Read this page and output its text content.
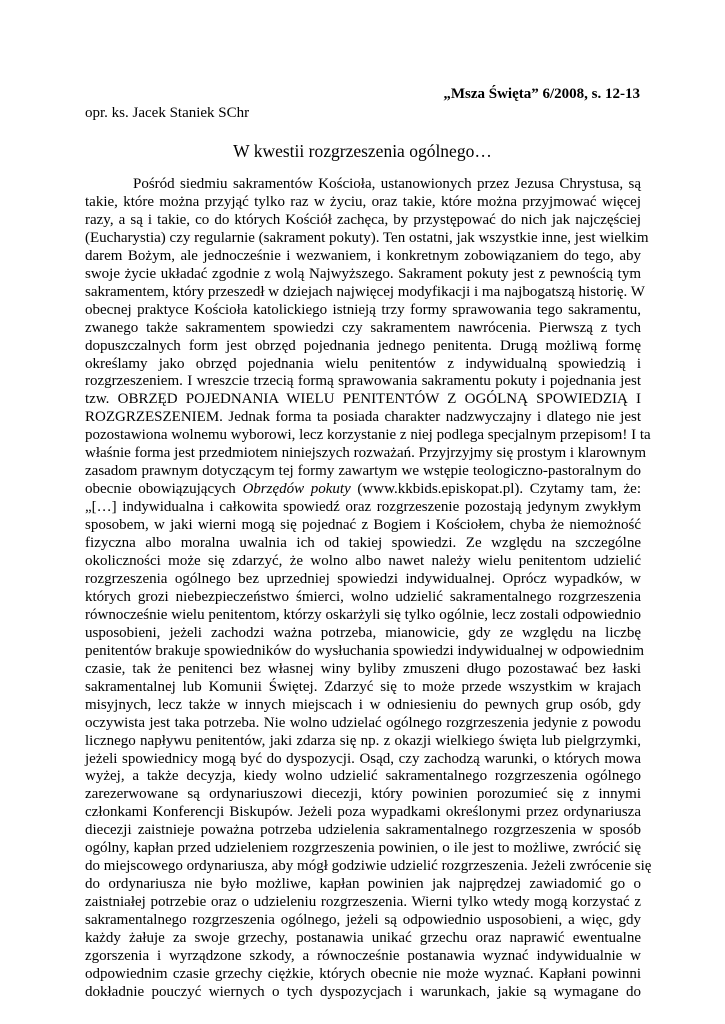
„Msza Święta” 6/2008, s. 12-13
opr. ks. Jacek Staniek SChr
W kwestii rozgrzeszenia ogólnego…
Pośród siedmiu sakramentów Kościoła, ustanowionych przez Jezusa Chrystusa, są
takie, które można przyjąć tylko raz w życiu, oraz takie, które można przyjmować więcej
razy, a są i takie, co do których Kościół zachęca, by przystępować do nich jak najczęściej
(Eucharystia) czy regularnie (sakrament pokuty). Ten ostatni, jak wszystkie inne, jest wielkim
darem Bożym, ale jednocześnie i wezwaniem, i konkretnym zobowiązaniem do tego, aby
swoje życie układać zgodnie z wolą Najwyższego. Sakrament pokuty jest z pewnością tym
sakramentem, który przeszedł w dziejach najwięcej modyfikacji i ma najbogatszą historię. W
obecnej praktyce Kościoła katolickiego istnieją trzy formy sprawowania tego sakramentu,
zwanego także sakramentem spowiedzi czy sakramentem nawrócenia. Pierwszą z tych
dopuszczalnych form jest obrzęd pojednania jednego penitenta. Drugą możliwą formę
określamy jako obrzęd pojednania wielu penitentów z indywidualną spowiedzią i
rozgrzeszeniem. I wreszcie trzecią formą sprawowania sakramentu pokuty i pojednania jest
tzw. OBRZĘD POJEDNANIA WIELU PENITENTÓW Z OGÓLNĄ SPOWIEDZIĄ I
ROZGRZESZENIEM. Jednak forma ta posiada charakter nadzwyczajny i dlatego nie jest
pozostawiona wolnemu wyborowi, lecz korzystanie z niej podlega specjalnym przepisom! I ta
właśnie forma jest przedmiotem niniejszych rozważań. Przyjrzyjmy się prostym i klarownym
zasadom prawnym dotyczącym tej formy zawartym we wstępie teologiczno-pastoralnym do
obecnie obowiązujących Obrzędów pokuty (www.kkbids.episkopat.pl). Czytamy tam, że:
„[…] indywidualna i całkowita spowiedź oraz rozgrzeszenie pozostają jedynym zwykłym
sposobem, w jaki wierni mogą się pojednać z Bogiem i Kościołem, chyba że niemożność
fizyczna albo moralna uwalnia ich od takiej spowiedzi. Ze względu na szczególne
okoliczności może się zdarzyć, że wolno albo nawet należy wielu penitentom udzielić
rozgrzeszenia ogólnego bez uprzedniej spowiedzi indywidualnej. Oprócz wypadków, w
których grozi niebezpieczeństwo śmierci, wolno udzielić sakramentalnego rozgrzeszenia
równocześnie wielu penitentom, którzy oskarżyli się tylko ogólnie, lecz zostali odpowiednio
usposobieni, jeżeli zachodzi ważna potrzeba, mianowicie, gdy ze względu na liczbę
penitentów brakuje spowiedników do wysłuchania spowiedzi indywidualnej w odpowiednim
czasie, tak że penitenci bez własnej winy byliby zmuszeni długo pozostawać bez łaski
sakramentalnej lub Komunii Świętej. Zdarzyć się to może przede wszystkim w krajach
misyjnych, lecz także w innych miejscach i w odniesieniu do pewnych grup osób, gdy
oczywista jest taka potrzeba. Nie wolno udzielać ogólnego rozgrzeszenia jedynie z powodu
licznego napływu penitentów, jaki zdarza się np. z okazji wielkiego święta lub pielgrzymki,
jeżeli spowiednicy mogą być do dyspozycji. Osąd, czy zachodzą warunki, o których mowa
wyżej, a także decyzja, kiedy wolno udzielić sakramentalnego rozgrzeszenia ogólnego
zarezerwowane są ordynariuszowi diecezji, który powinien porozumieć się z innymi
członkami Konferencji Biskupów. Jeżeli poza wypadkami określonymi przez ordynariusza
diecezji zaistnieje poważna potrzeba udzielenia sakramentalnego rozgrzeszenia w sposób
ogólny, kapłan przed udzieleniem rozgrzeszenia powinien, o ile jest to możliwe, zwrócić się
do miejscowego ordynariusza, aby mógł godziwie udzielić rozgrzeszenia. Jeżeli zwrócenie się
do ordynariusza nie było możliwe, kapłan powinien jak najprędzej zawiadomić go o
zaistniałej potrzebie oraz o udzieleniu rozgrzeszenia. Wierni tylko wtedy mogą korzystać z
sakramentalnego rozgrzeszenia ogólnego, jeżeli są odpowiednio usposobieni, a więc, gdy
każdy żałuje za swoje grzechy, postanawia unikać grzechu oraz naprawić ewentualne
zgorszenia i wyrządzone szkody, a równocześnie postanawia wyznać indywidualnie w
odpowiednim czasie grzechy ciężkie, których obecnie nie może wyznać. Kapłani powinni
dokładnie pouczyć wiernych o tych dyspozycjach i warunkach, jakie są wymagane do
